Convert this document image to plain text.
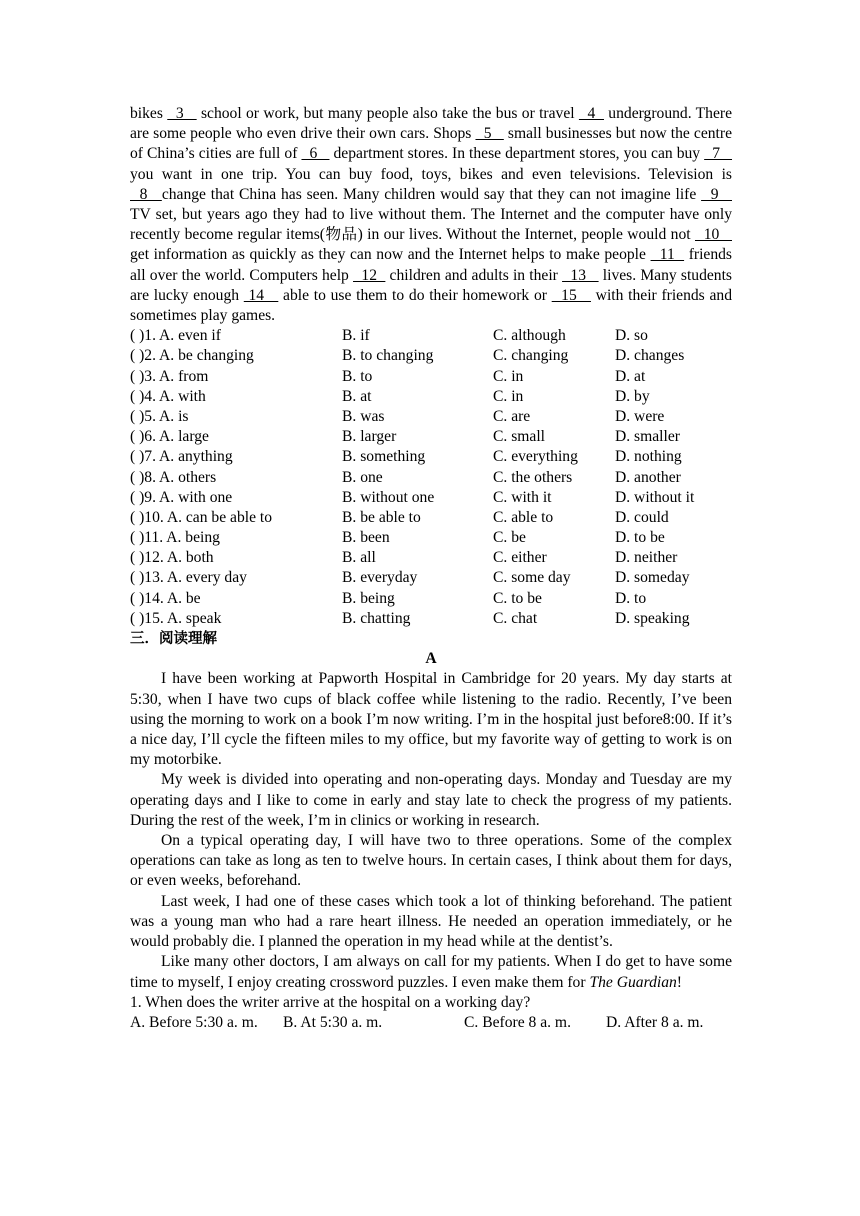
bikes   3    school or work, but many people also take the bus or travel   4   underground. There are some people who even drive their own cars. Shops   5    small businesses but now the centre of China’s cities are full of   6    department stores. In these department stores, you can buy   7    you want in one trip. You can buy food, toys, bikes and even televisions. Television is   8   change that China has seen. Many children would say that they can not imagine life   9    TV set, but years ago they had to live without them. The Internet and the computer have only recently become regular items(物品) in our lives. Without the Internet, people would not   10    get information as quickly as they can now and the Internet helps to make people   11   friends all over the world. Computers help   12   children and adults in their   13    lives. Many students are lucky enough  14    able to use them to do their homework or   15    with their friends and sometimes play games.

( )1. A. even if	B. if	C. although	D. so
( )2. A. be changing	B. to changing	C. changing	D. changes
( )3. A. from	B. to	C. in	D. at
( )4. A. with	B. at	C. in	D. by
( )5. A. is	B. was	C. are	D. were
( )6. A. large	B. larger	C. small	D. smaller
( )7. A. anything	B. something	C. everything D. nothing
( )8. A. others	B. one	C. the others	D. another
( )9. A. with one	B. without one	C. with it	D. without it
( )10. A. can be able to	B. be able to	C. able to	D. could
( )11. A. being	B. been	C. be	D. to be
( )12. A. both	B. all	C. either	D. neither
( )13. A. every day	B. everyday	C. some day	D. someday
( )14. A. be	B. being	C. to be	D. to
( )15. A. speak	B. chatting	C. chat	D. speaking

三．阅读理解

A

I have been working at Papworth Hospital in Cambridge for 20 years. My day starts at 5:30, when I have two cups of black coffee while listening to the radio. Recently, I’ve been using the morning to work on a book I’m now writing. I’m in the hospital just before8:00. If it’s a nice day, I’ll cycle the fifteen miles to my office, but my favorite way of getting to work is on my motorbike.

My week is divided into operating and non-operating days. Monday and Tuesday are my operating days and I like to come in early and stay late to check the progress of my patients. During the rest of the week, I’m in clinics or working in research.

On a typical operating day, I will have two to three operations. Some of the complex operations can take as long as ten to twelve hours. In certain cases, I think about them for days, or even weeks, beforehand.

Last week, I had one of these cases which took a lot of thinking beforehand. The patient was a young man who had a rare heart illness. He needed an operation immediately, or he would probably die. I planned the operation in my head while at the dentist’s.

Like many other doctors, I am always on call for my patients. When I do get to have some time to myself, I enjoy creating crossword puzzles. I even make them for The Guardian!

1. When does the writer arrive at the hospital on a working day?

A. Before 5:30 a. m. B. At 5:30 a. m.	C. Before 8 a. m. D. After 8 a. m.
